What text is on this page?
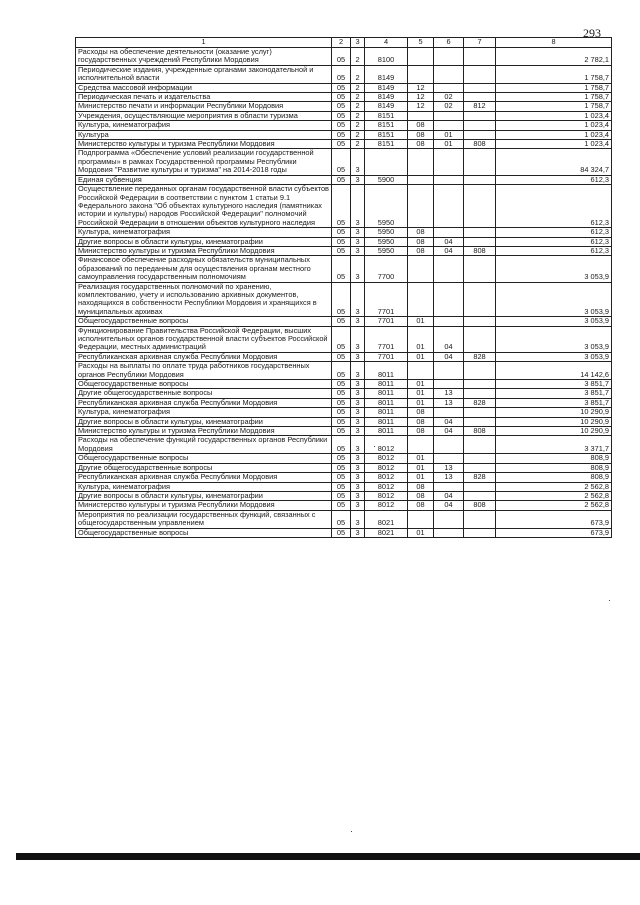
293
1	2	3	4	5	6	7	8
Расходы на обеспечение деятельности (оказание услуг) государственных учреждений Республики Мордовия	05	2	8100				2 782,1
Периодические издания, учрежденные органами законодательной и исполнительной власти	05	2	8149				1 758,7
Средства массовой информации	05	2	8149	12			1 758,7
Периодическая печать и издательства	05	2	8149	12	02		1 758,7
Министерство печати и информации Республики Мордовия	05	2	8149	12	02	812	1 758,7
Учреждения, осуществляющие мероприятия в области туризма	05	2	8151				1 023,4
Культура, кинематография	05	2	8151	08			1 023,4
Культура	05	2	8151	08	01		1 023,4
Министерство культуры и туризма Республики Мордовия	05	2	8151	08	01	808	1 023,4
Подпрограмма «Обеспечение условий реализации государственной программы» в рамках Государственной программы Республики Мордовия "Развитие культуры и туризма" на 2014-2018 годы	05	3					84 324,7
Единая субвенция	05	3	5900				612,3
Осуществление переданных органам государственной власти субъектов Российской Федерации в соответствии с пунктом 1 статьи 9.1 Федерального закона "Об объектах культурного наследия (памятниках истории и культуры) народов Российской Федерации" полномочий Российской Федерации в отношении объектов культурного наследия	05	3	5950				612,3
Культура, кинематография	05	3	5950	08			612,3
Другие вопросы в области культуры, кинематографии	05	3	5950	08	04		612,3
Министерство культуры и туризма Республики Мордовия	05	3	5950	08	04	808	612,3
Финансовое обеспечение расходных обязательств муниципальных образований по переданным для осуществления органам местного самоуправления государственным полномочиям	05	3	7700				3 053,9
Реализация государственных полномочий по хранению, комплектованию, учету и использованию архивных документов, находящихся в собственности Республики Мордовия и хранящихся в муниципальных архивах	05	3	7701				3 053,9
Общегосударственные вопросы	05	3	7701	01			3 053,9
Функционирование Правительства Российской Федерации, высших исполнительных органов государственной власти субъектов Российской Федерации, местных администраций	05	3	7701	01	04		3 053,9
Республиканская архивная служба Республики Мордовия	05	3	7701	01	04	828	3 053,9
Расходы на выплаты по оплате труда работников государственных органов Республики Мордовия	05	3	8011				14 142,6
Общегосударственные вопросы	05	3	8011	01			3 851,7
Другие общегосударственные вопросы	05	3	8011	01	13		3 851,7
Республиканская архивная служба Республики Мордовия	05	3	8011	01	13	828	3 851,7
Культура, кинематография	05	3	8011	08			10 290,9
Другие вопросы в области культуры, кинематографии	05	3	8011	08	04		10 290,9
Министерство культуры и туризма Республики Мордовия	05	3	8011	08	04	808	10 290,9
Расходы на обеспечение функций государственных органов Республики Мордовия	05	3	8012				3 371,7
Общегосударственные вопросы	05	3	8012	01			808,9
Другие общегосударственные вопросы	05	3	8012	01	13		808,9
Республиканская архивная служба Республики Мордовия	05	3	8012	01	13	828	808,9
Культура, кинематография	05	3	8012	08			2 562,8
Другие вопросы в области культуры, кинематографии	05	3	8012	08	04		2 562,8
Министерство культуры и туризма Республики Мордовия	05	3	8012	08	04	808	2 562,8
Мероприятия по реализации государственных функций, связанных с общегосударственным управлением	05	3	8021				673,9
Общегосударственные вопросы	05	3	8021	01			673,9
